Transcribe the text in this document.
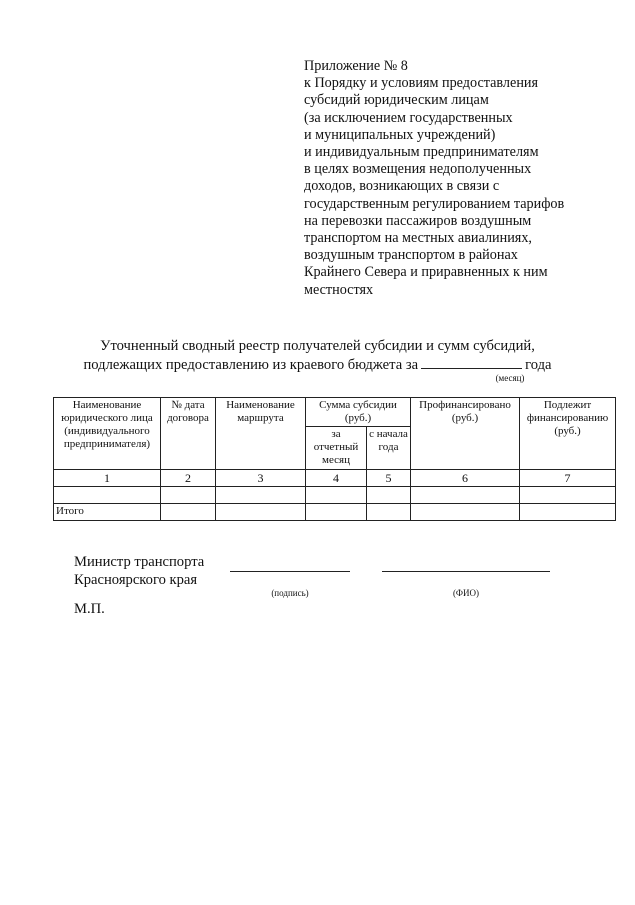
Приложение № 8
к Порядку и условиям предоставления
субсидий юридическим лицам
(за исключением государственных
и муниципальных учреждений)
и индивидуальным предпринимателям
в целях возмещения недополученных
доходов, возникающих в связи с
государственным регулированием тарифов
на перевозки пассажиров воздушным
транспортом на местных авиалиниях,
воздушным транспортом в районах
Крайнего Севера и приравненных к ним
местностях
Уточненный сводный реестр получателей субсидии и сумм субсидий,
подлежащих предоставлению из краевого бюджета за	года
(месяц)
Наименование юридического лица (индивидуального предпринимателя)	№ дата договора	Наименование маршрута	Сумма субсидии (руб.)		Профинансировано (руб.)	Подлежит финансированию (руб.)
			за отчетный месяц	с начала года		
1	2	3	4	5	6	7

Итого						
Министр транспорта
Красноярского края
(подпись)	(ФИО)
М.П.
